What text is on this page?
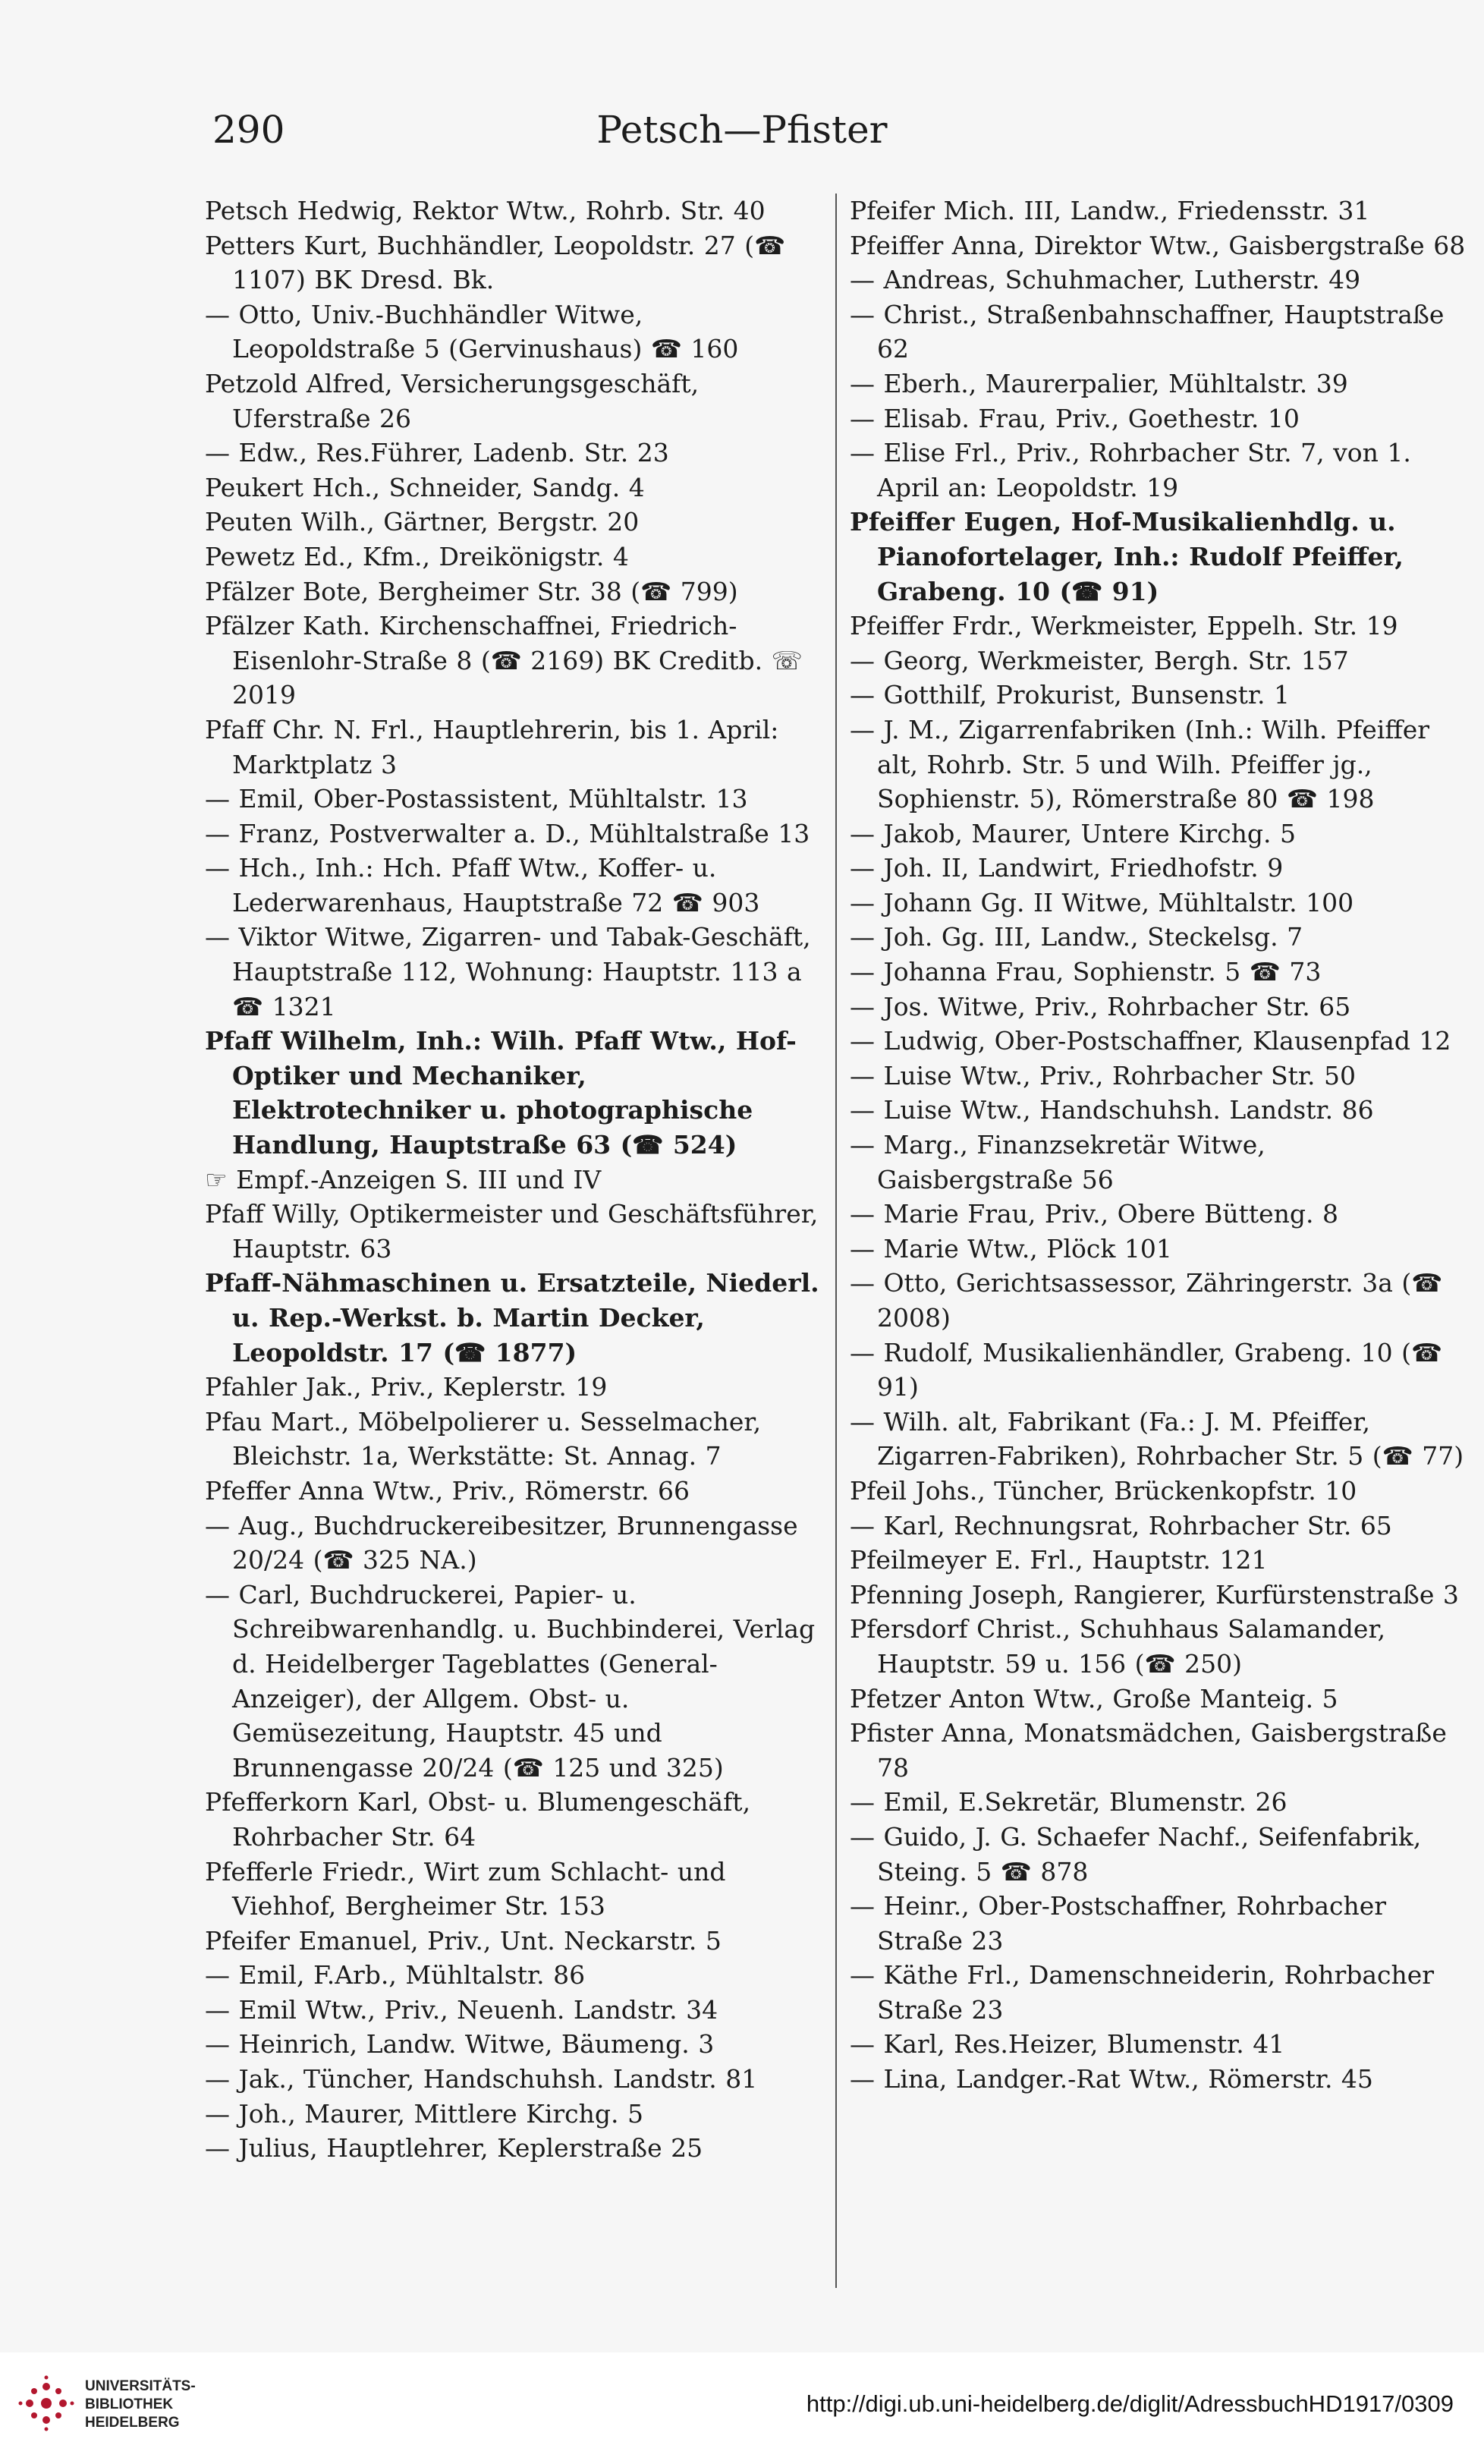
290	Petsch—Pfister
Petsch Hedwig, Rektor Wtw., Rohrb. Str. 40
Petters Kurt, Buchhändler, Leopoldstr. 27 (☎ 1107) BK Dresd. Bk.
— Otto, Univ.-Buchhändler Witwe, Leopoldstraße 5 (Gervinushaus) ☎ 160
Petzold Alfred, Versicherungsgeschäft, Uferstraße 26
— Edw., Res.Führer, Ladenb. Str. 23
Peukert Hch., Schneider, Sandg. 4
Peuten Wilh., Gärtner, Bergstr. 20
Pewetz Ed., Kfm., Dreikönigstr. 4
Pfälzer Bote, Bergheimer Str. 38 (☎ 799)
Pfälzer Kath. Kirchenschaffnei, Friedrich-Eisenlohr-Straße 8 (☎ 2169) BK Creditb. ☏ 2019
Pfaff Chr. N. Frl., Hauptlehrerin, bis 1. April: Marktplatz 3
— Emil, Ober-Postassistent, Mühltalstr. 13
— Franz, Postverwalter a. D., Mühltalstraße 13
— Hch., Inh.: Hch. Pfaff Wtw., Koffer- u. Lederwarenhaus, Hauptstraße 72 ☎ 903
— Viktor Witwe, Zigarren- und Tabak-Geschäft, Hauptstraße 112, Wohnung: Hauptstr. 113 a ☎ 1321
Pfaff Wilhelm, Inh.: Wilh. Pfaff Wtw., Hof-Optiker und Mechaniker, Elektrotechniker u. photographische Handlung, Hauptstraße 63 (☎ 524)
☞ Empf.-Anzeigen S. III und IV
Pfaff Willy, Optikermeister und Geschäftsführer, Hauptstr. 63
Pfaff-Nähmaschinen u. Ersatzteile, Niederl. u. Rep.-Werkst. b. Martin Decker, Leopoldstr. 17 (☎ 1877)
Pfahler Jak., Priv., Keplerstr. 19
Pfau Mart., Möbelpolierer u. Sesselmacher, Bleichstr. 1a, Werkstätte: St. Annag. 7
Pfeffer Anna Wtw., Priv., Römerstr. 66
— Aug., Buchdruckereibesitzer, Brunnengasse 20/24 (☎ 325 NA.)
— Carl, Buchdruckerei, Papier- u. Schreibwarenhandlg. u. Buchbinderei, Verlag d. Heidelberger Tageblattes (General-Anzeiger), der Allgem. Obst- u. Gemüsezeitung, Hauptstr. 45 und Brunnengasse 20/24 (☎ 125 und 325)
Pfefferkorn Karl, Obst- u. Blumengeschäft, Rohrbacher Str. 64
Pfefferle Friedr., Wirt zum Schlacht- und Viehhof, Bergheimer Str. 153
Pfeifer Emanuel, Priv., Unt. Neckarstr. 5
— Emil, F.Arb., Mühltalstr. 86
— Emil Wtw., Priv., Neuenh. Landstr. 34
— Heinrich, Landw. Witwe, Bäumeng. 3
— Jak., Tüncher, Handschuhsh. Landstr. 81
— Joh., Maurer, Mittlere Kirchg. 5
— Julius, Hauptlehrer, Keplerstraße 25
Pfeifer Mich. III, Landw., Friedensstr. 31
Pfeiffer Anna, Direktor Wtw., Gaisbergstraße 68
— Andreas, Schuhmacher, Lutherstr. 49
— Christ., Straßenbahnschaffner, Hauptstraße 62
— Eberh., Maurerpalier, Mühltalstr. 39
— Elisab. Frau, Priv., Goethestr. 10
— Elise Frl., Priv., Rohrbacher Str. 7, von 1. April an: Leopoldstr. 19
Pfeiffer Eugen, Hof-Musikalienhdlg. u. Pianofortelager, Inh.: Rudolf Pfeiffer, Grabeng. 10 (☎ 91)
Pfeiffer Frdr., Werkmeister, Eppelh. Str. 19
— Georg, Werkmeister, Bergh. Str. 157
— Gotthilf, Prokurist, Bunsenstr. 1
— J. M., Zigarrenfabriken (Inh.: Wilh. Pfeiffer alt, Rohrb. Str. 5 und Wilh. Pfeiffer jg., Sophienstr. 5), Römerstraße 80 ☎ 198
— Jakob, Maurer, Untere Kirchg. 5
— Joh. II, Landwirt, Friedhofstr. 9
— Johann Gg. II Witwe, Mühltalstr. 100
— Joh. Gg. III, Landw., Steckelsg. 7
— Johanna Frau, Sophienstr. 5 ☎ 73
— Jos. Witwe, Priv., Rohrbacher Str. 65
— Ludwig, Ober-Postschaffner, Klausenpfad 12
— Luise Wtw., Priv., Rohrbacher Str. 50
— Luise Wtw., Handschuhsh. Landstr. 86
— Marg., Finanzsekretär Witwe, Gaisbergstraße 56
— Marie Frau, Priv., Obere Bütteng. 8
— Marie Wtw., Plöck 101
— Otto, Gerichtsassessor, Zähringerstr. 3a (☎ 2008)
— Rudolf, Musikalienhändler, Grabeng. 10 (☎ 91)
— Wilh. alt, Fabrikant (Fa.: J. M. Pfeiffer, Zigarren-Fabriken), Rohrbacher Str. 5 (☎ 77)
Pfeil Johs., Tüncher, Brückenkopfstr. 10
— Karl, Rechnungsrat, Rohrbacher Str. 65
Pfeilmeyer E. Frl., Hauptstr. 121
Pfenning Joseph, Rangierer, Kurfürstenstraße 3
Pfersdorf Christ., Schuhhaus Salamander, Hauptstr. 59 u. 156 (☎ 250)
Pfetzer Anton Wtw., Große Manteig. 5
Pfister Anna, Monatsmädchen, Gaisbergstraße 78
— Emil, E.Sekretär, Blumenstr. 26
— Guido, J. G. Schaefer Nachf., Seifenfabrik, Steing. 5 ☎ 878
— Heinr., Ober-Postschaffner, Rohrbacher Straße 23
— Käthe Frl., Damenschneiderin, Rohrbacher Straße 23
— Karl, Res.Heizer, Blumenstr. 41
— Lina, Landger.-Rat Wtw., Römerstr. 45
UNIVERSITÄTS-
BIBLIOTHEK
HEIDELBERG
http://digi.ub.uni-heidelberg.de/diglit/AdressbuchHD1917/0309
